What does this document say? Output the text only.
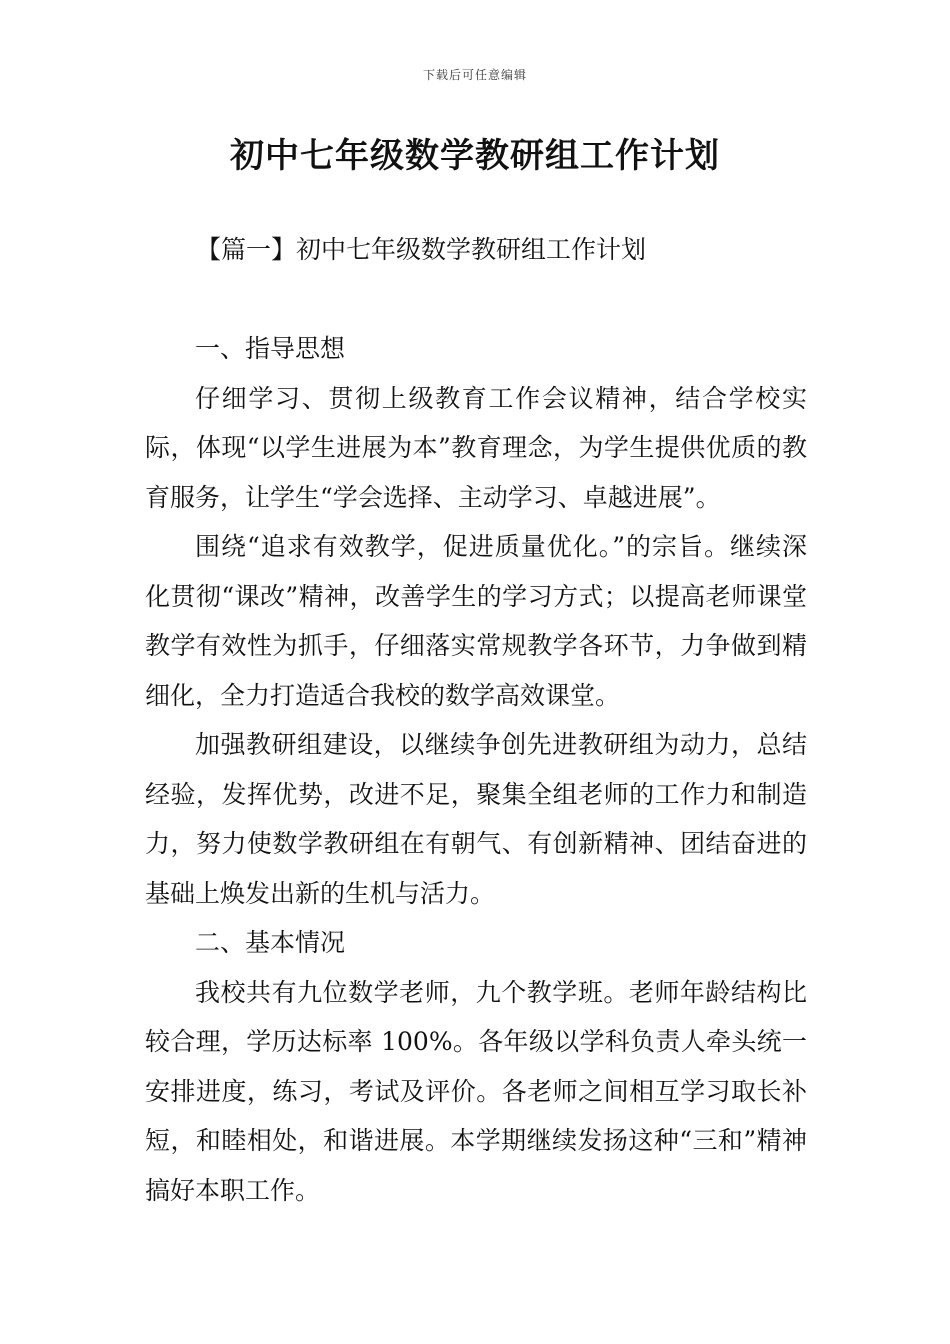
下载后可任意编辑
初中七年级数学教研组工作计划
【篇一】初中七年级数学教研组工作计划
一、指导思想

仔细学习、贯彻上级教育工作会议精神，结合学校实际，体现“以学生进展为本”教育理念，为学生提供优质的教育服务，让学生“学会选择、主动学习、卓越进展”。

围绕“追求有效教学，促进质量优化。”的宗旨。继续深化贯彻“课改”精神，改善学生的学习方式；以提高老师课堂教学有效性为抓手，仔细落实常规教学各环节，力争做到精细化，全力打造适合我校的数学高效课堂。

加强教研组建设，以继续争创先进教研组为动力，总结经验，发挥优势，改进不足，聚集全组老师的工作力和制造力，努力使数学教研组在有朝气、有创新精神、团结奋进的基础上焕发出新的生机与活力。

二、基本情况

我校共有九位数学老师，九个教学班。老师年龄结构比较合理，学历达标率 100%。各年级以学科负责人牵头统一安排进度，练习，考试及评价。各老师之间相互学习取长补短，和睦相处，和谐进展。本学期继续发扬这种“三和”精神搞好本职工作。
